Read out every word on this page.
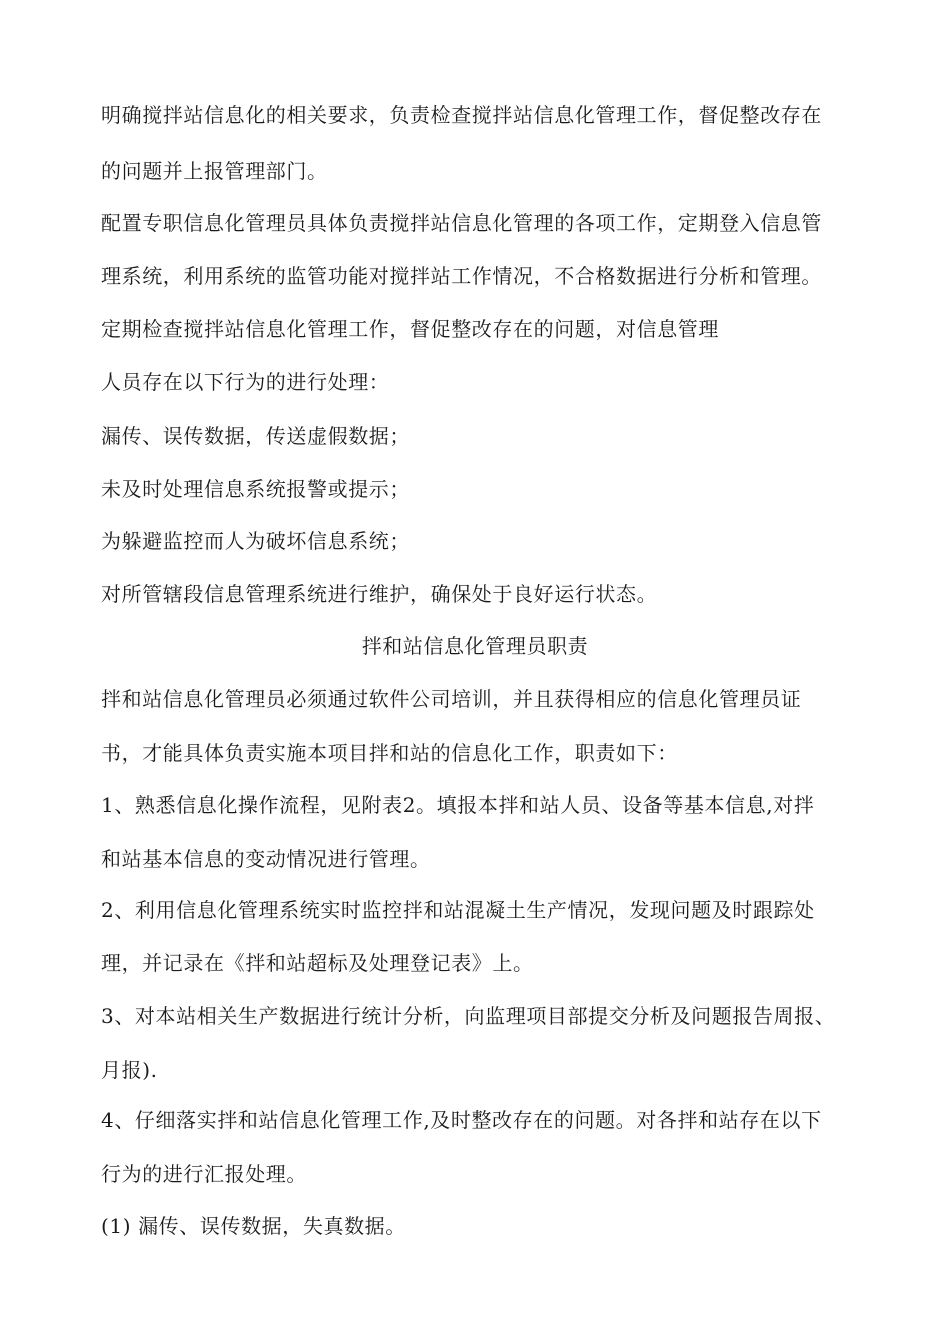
明确搅拌站信息化的相关要求，负责检查搅拌站信息化管理工作，督促整改存在
的问题并上报管理部门。
配置专职信息化管理员具体负责搅拌站信息化管理的各项工作，定期登入信息管
理系统，利用系统的监管功能对搅拌站工作情况，不合格数据进行分析和管理。
定期检查搅拌站信息化管理工作，督促整改存在的问题，对信息管理
人员存在以下行为的进行处理：
漏传、误传数据，传送虚假数据；
未及时处理信息系统报警或提示；
为躲避监控而人为破坏信息系统；
对所管辖段信息管理系统进行维护，确保处于良好运行状态。
拌和站信息化管理员职责
拌和站信息化管理员必须通过软件公司培训，并且获得相应的信息化管理员证
书，才能具体负责实施本项目拌和站的信息化工作，职责如下：
1、熟悉信息化操作流程，见附表2。填报本拌和站人员、设备等基本信息,对拌
和站基本信息的变动情况进行管理。
2、利用信息化管理系统实时监控拌和站混凝土生产情况，发现问题及时跟踪处
理，并记录在《拌和站超标及处理登记表》上。
3、对本站相关生产数据进行统计分析，向监理项目部提交分析及问题报告周报、
月报).
4、仔细落实拌和站信息化管理工作,及时整改存在的问题。对各拌和站存在以下
行为的进行汇报处理。
(1) 漏传、误传数据，失真数据。
